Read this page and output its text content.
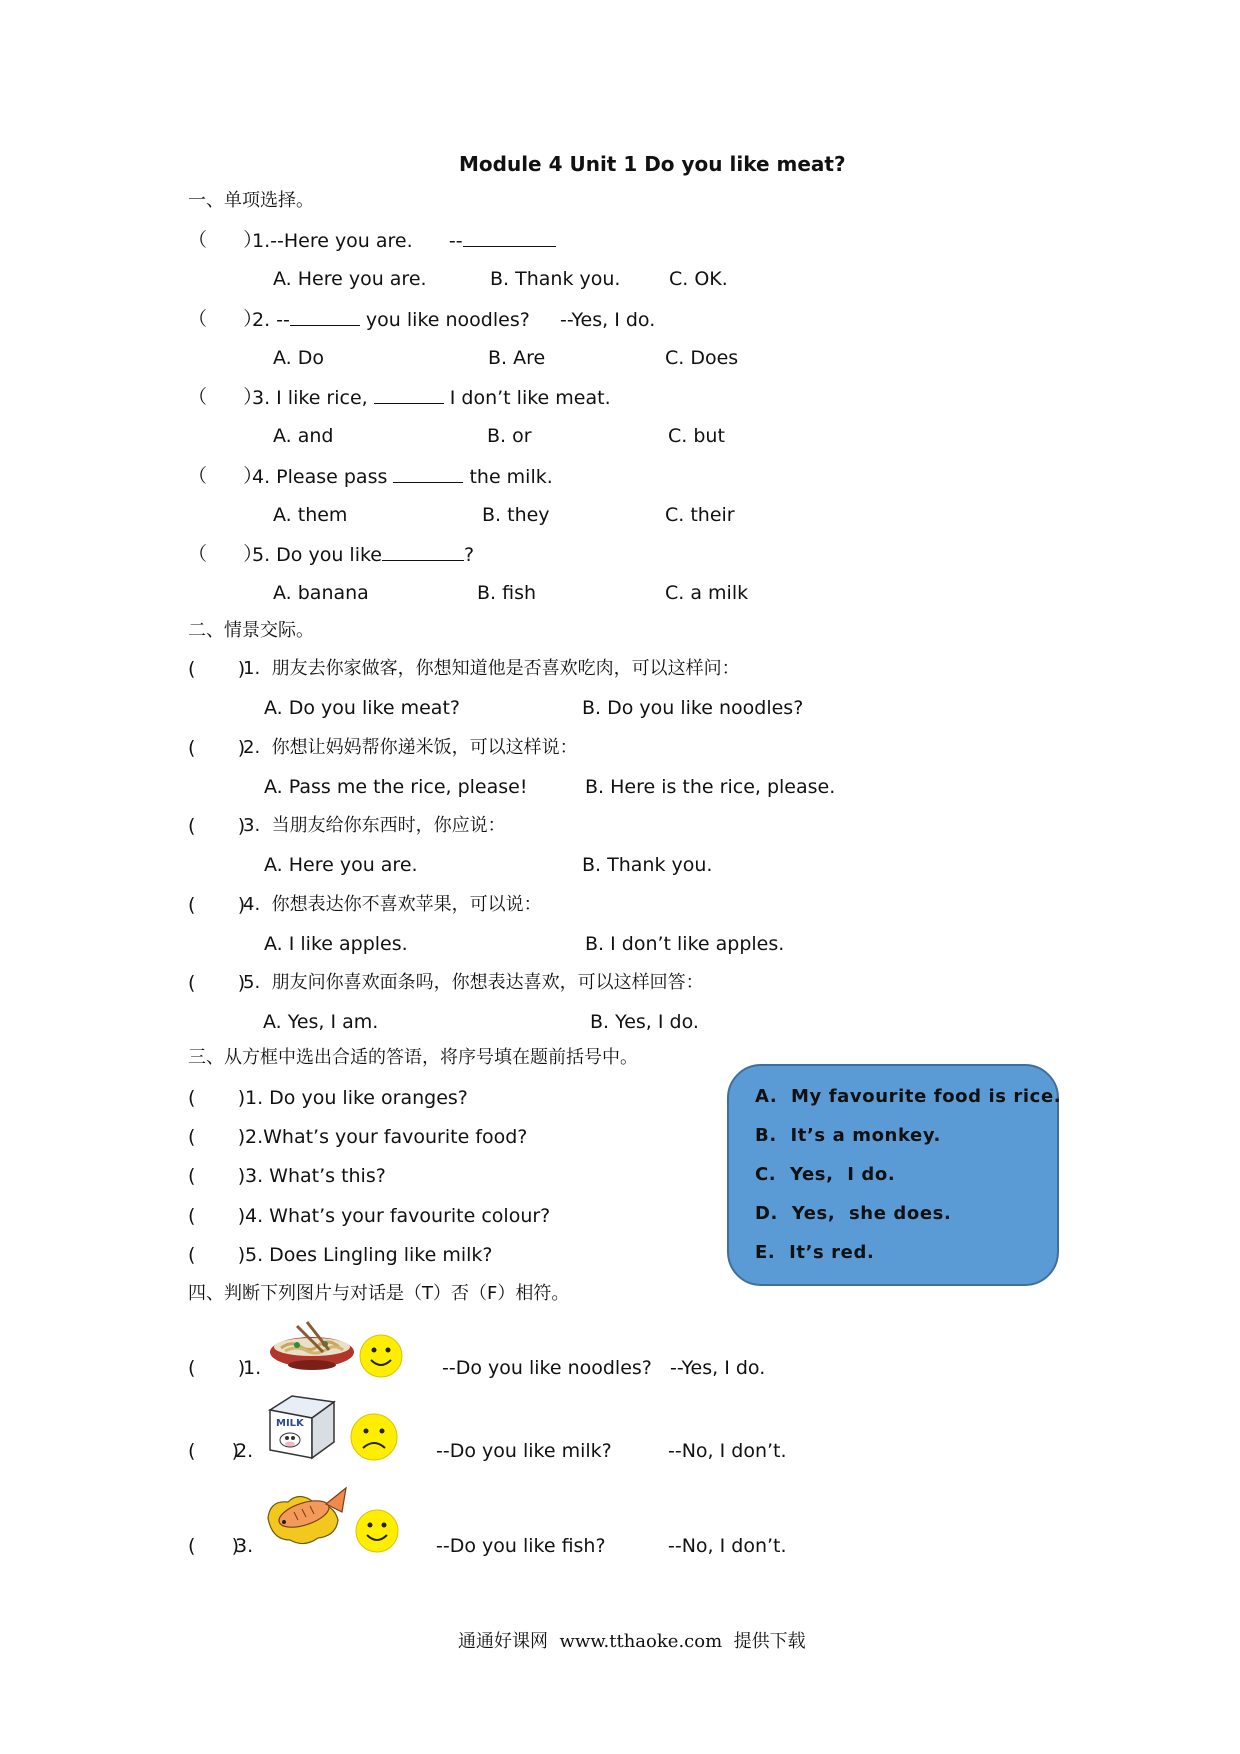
Module 4 Unit 1 Do you like meat?
一、单项选择。
（      ）
1.--Here you are.      --
A. Here you are.	B. Thank you.	C. OK.
（      ）
2. --	you like noodles?     --Yes, I do.
A. Do	B. Are	C. Does
（      ）
3. I like rice,	I don’t like meat.
A. and	B. or	C. but
（      ）
4. Please pass	the milk.
A. them	B. they	C. their
（      ）
5. Do you like	?
A. banana	B. fish	C. a milk
二、情景交际。
(       )
1.  朋友去你家做客，你想知道他是否喜欢吃肉，可以这样问：
A. Do you like meat?	B. Do you like noodles?
(       )
2.  你想让妈妈帮你递米饭，可以这样说：
A. Pass me the rice, please!	B. Here is the rice, please.
(       )
3.  当朋友给你东西时，你应说：
A. Here you are.	B. Thank you.
(       )
4.  你想表达你不喜欢苹果，可以说：
A. I like apples.	B. I don’t like apples.
(       )
5.  朋友问你喜欢面条吗，你想表达喜欢，可以这样回答：
A. Yes, I am.	B. Yes, I do.
三、从方框中选出合适的答语，将序号填在题前括号中。
(       ) 1. Do you like oranges?
(       ) 2.What’s your favourite food?
(       ) 3. What’s this?
(       ) 4. What’s your favourite colour?
(       ) 5. Does Lingling like milk?
A.  My favourite food is rice.
B.  It’s a monkey.
C.  Yes,  I do.
D.  Yes,  she does.
E.  It’s red.
四、判断下列图片与对话是（T）否（F）相符。
(       )
1.	--Do you like noodles? --Yes, I do.
(      )
2.
MILK
--Do you like milk?	--No, I don’t.
(      )
3.	--Do you like fish?	--No, I don’t.
通通好课网  www.tthaoke.com  提供下载
